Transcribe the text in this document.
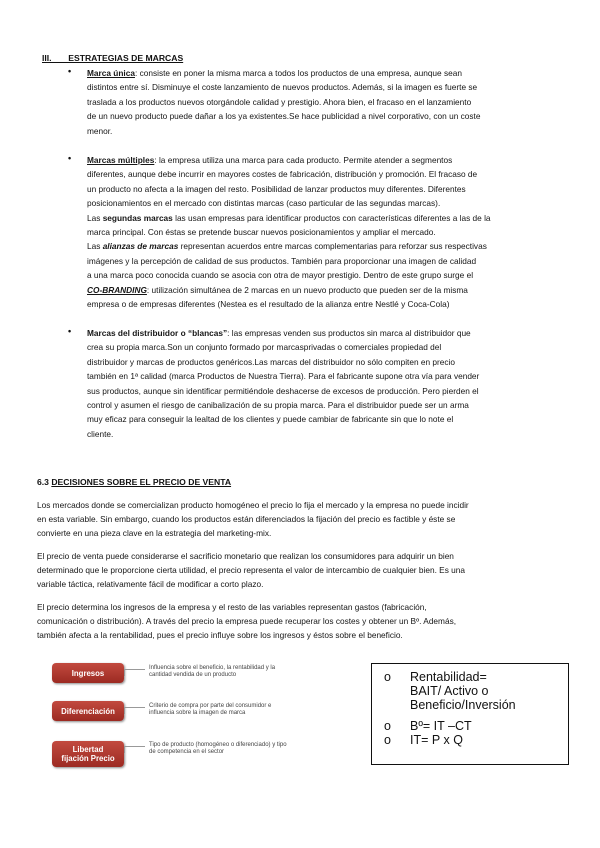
III.       ESTRATEGIAS DE MARCAS
• Marca única: consiste en poner la misma marca a todos los productos de una empresa, aunque sean
distintos entre sí. Disminuye el coste lanzamiento de nuevos productos. Además, si la imagen es fuerte se
traslada a los productos nuevos otorgándole calidad y prestigio. Ahora bien, el fracaso en el lanzamiento
de un nuevo producto puede dañar a los ya existentes.Se hace publicidad a nivel corporativo, con un coste
menor.
• Marcas múltiples: la empresa utiliza una marca para cada producto. Permite atender a segmentos
diferentes, aunque debe incurrir en mayores costes de fabricación, distribución y promoción. El fracaso de
un producto no afecta a la imagen del resto. Posibilidad de lanzar productos muy diferentes. Diferentes
posicionamientos en el mercado con distintas marcas (caso particular de las segundas marcas).
Las segundas marcas las usan empresas para identificar productos con características diferentes a las de la
marca principal. Con éstas se pretende buscar nuevos posicionamientos y ampliar el mercado.
Las alianzas de marcas representan acuerdos entre marcas complementarias para reforzar sus respectivas
imágenes y la percepción de calidad de sus productos. También para proporcionar una imagen de calidad
a una marca poco conocida cuando se asocia con otra de mayor prestigio. Dentro de este grupo surge el
CO-BRANDING: utilización simultánea de 2 marcas en un nuevo producto que pueden ser de la misma
empresa o de empresas diferentes (Nestea es el resultado de la alianza entre Nestlé y Coca-Cola)
• Marcas del distribuidor o “blancas”: las empresas venden sus productos sin marca al distribuidor que
crea su propia marca.Son un conjunto formado por marcasprivadas o comerciales propiedad del
distribuidor y marcas de productos genéricos.Las marcas del distribuidor no sólo compiten en precio
también en 1ª calidad (marca Productos de Nuestra Tierra). Para el fabricante supone otra vía para vender
sus productos, aunque sin identificar permitiéndole deshacerse de excesos de producción. Pero pierden el
control y asumen el riesgo de canibalización de su propia marca. Para el distribuidor puede ser un arma
muy eficaz para conseguir la lealtad de los clientes y puede cambiar de fabricante sin que lo note el
cliente.
6.3 DECISIONES SOBRE EL PRECIO DE VENTA
Los mercados donde se comercializan producto homogéneo el precio lo fija el mercado y la empresa no puede incidir
en esta variable. Sin embargo, cuando los productos están diferenciados la fijación del precio es factible y éste se
convierte en una pieza clave en la estrategia del marketing-mix.
El precio de venta puede considerarse el sacrificio monetario que realizan los consumidores para adquirir un bien
determinado que le proporcione cierta utilidad, el precio representa el valor de intercambio de cualquier bien. Es una
variable táctica, relativamente fácil de modificar a corto plazo.
El precio determina los ingresos de la empresa y el resto de las variables representan gastos (fabricación,
comunicación o distribución). A través del precio la empresa puede recuperar los costes y obtener un Bº. Además,
también afecta a la rentabilidad, pues el precio influye sobre los ingresos y éstos sobre el beneficio.
Ingresos
Influencia sobre el beneficio, la rentabilidad y la
cantidad vendida de un producto
Diferenciación
Criterio de compra por parte del consumidor e
influencia sobre la imagen de marca
Libertad
fijación Precio
Tipo de producto (homogéneo o diferenciado) y tipo
de competencia en el sector
o Rentabilidad=
BAIT/ Activo o
Beneficio/Inversión
o Bº= IT –CT
o IT= P x Q
